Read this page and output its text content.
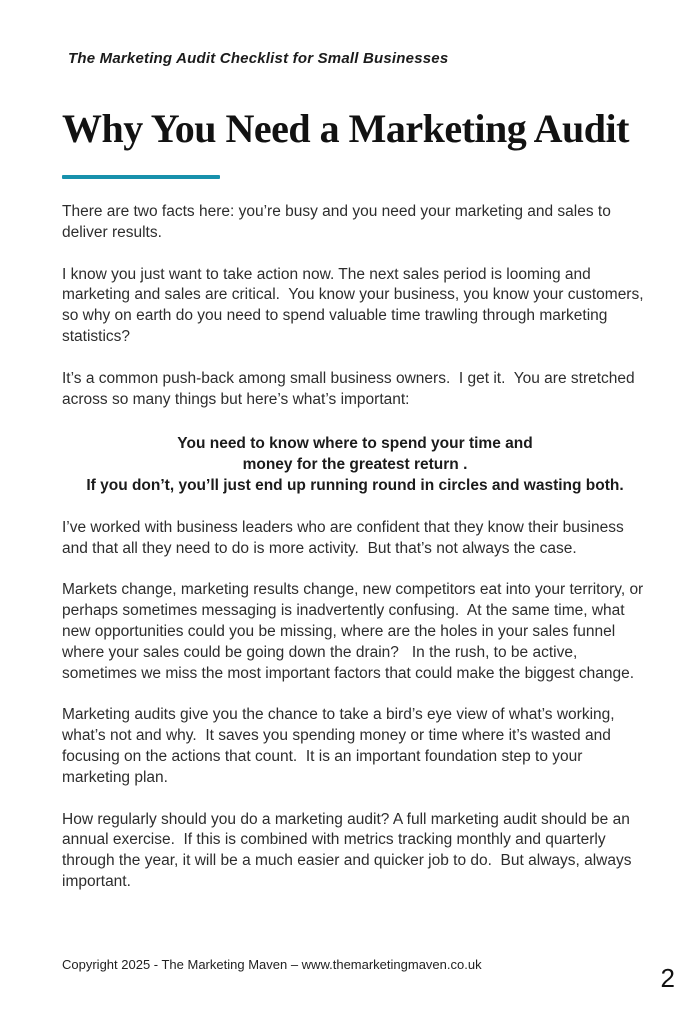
The Marketing Audit Checklist for Small Businesses
Why You Need a Marketing Audit

There are two facts here: you’re busy and you need your marketing and sales to deliver results.

I know you just want to take action now. The next sales period is looming and marketing and sales are critical.  You know your business, you know your customers, so why on earth do you need to spend valuable time trawling through marketing statistics?

It’s a common push-back among small business owners.  I get it.  You are stretched across so many things but here’s what’s important:

You need to know where to spend your time and
money for the greatest return .
If you don’t, you’ll just end up running round in circles and wasting both.

I’ve worked with business leaders who are confident that they know their business and that all they need to do is more activity.  But that’s not always the case.

Markets change, marketing results change, new competitors eat into your territory, or perhaps sometimes messaging is inadvertently confusing.  At the same time, what new opportunities could you be missing, where are the holes in your sales funnel where your sales could be going down the drain?   In the rush, to be active, sometimes we miss the most important factors that could make the biggest change.

Marketing audits give you the chance to take a bird’s eye view of what’s working, what’s not and why.  It saves you spending money or time where it’s wasted and focusing on the actions that count.  It is an important foundation step to your marketing plan.

How regularly should you do a marketing audit? A full marketing audit should be an annual exercise.  If this is combined with metrics tracking monthly and quarterly through the year, it will be a much easier and quicker job to do.  But always, always important.

Copyright 2025 - The Marketing Maven – www.themarketingmaven.co.uk	2
